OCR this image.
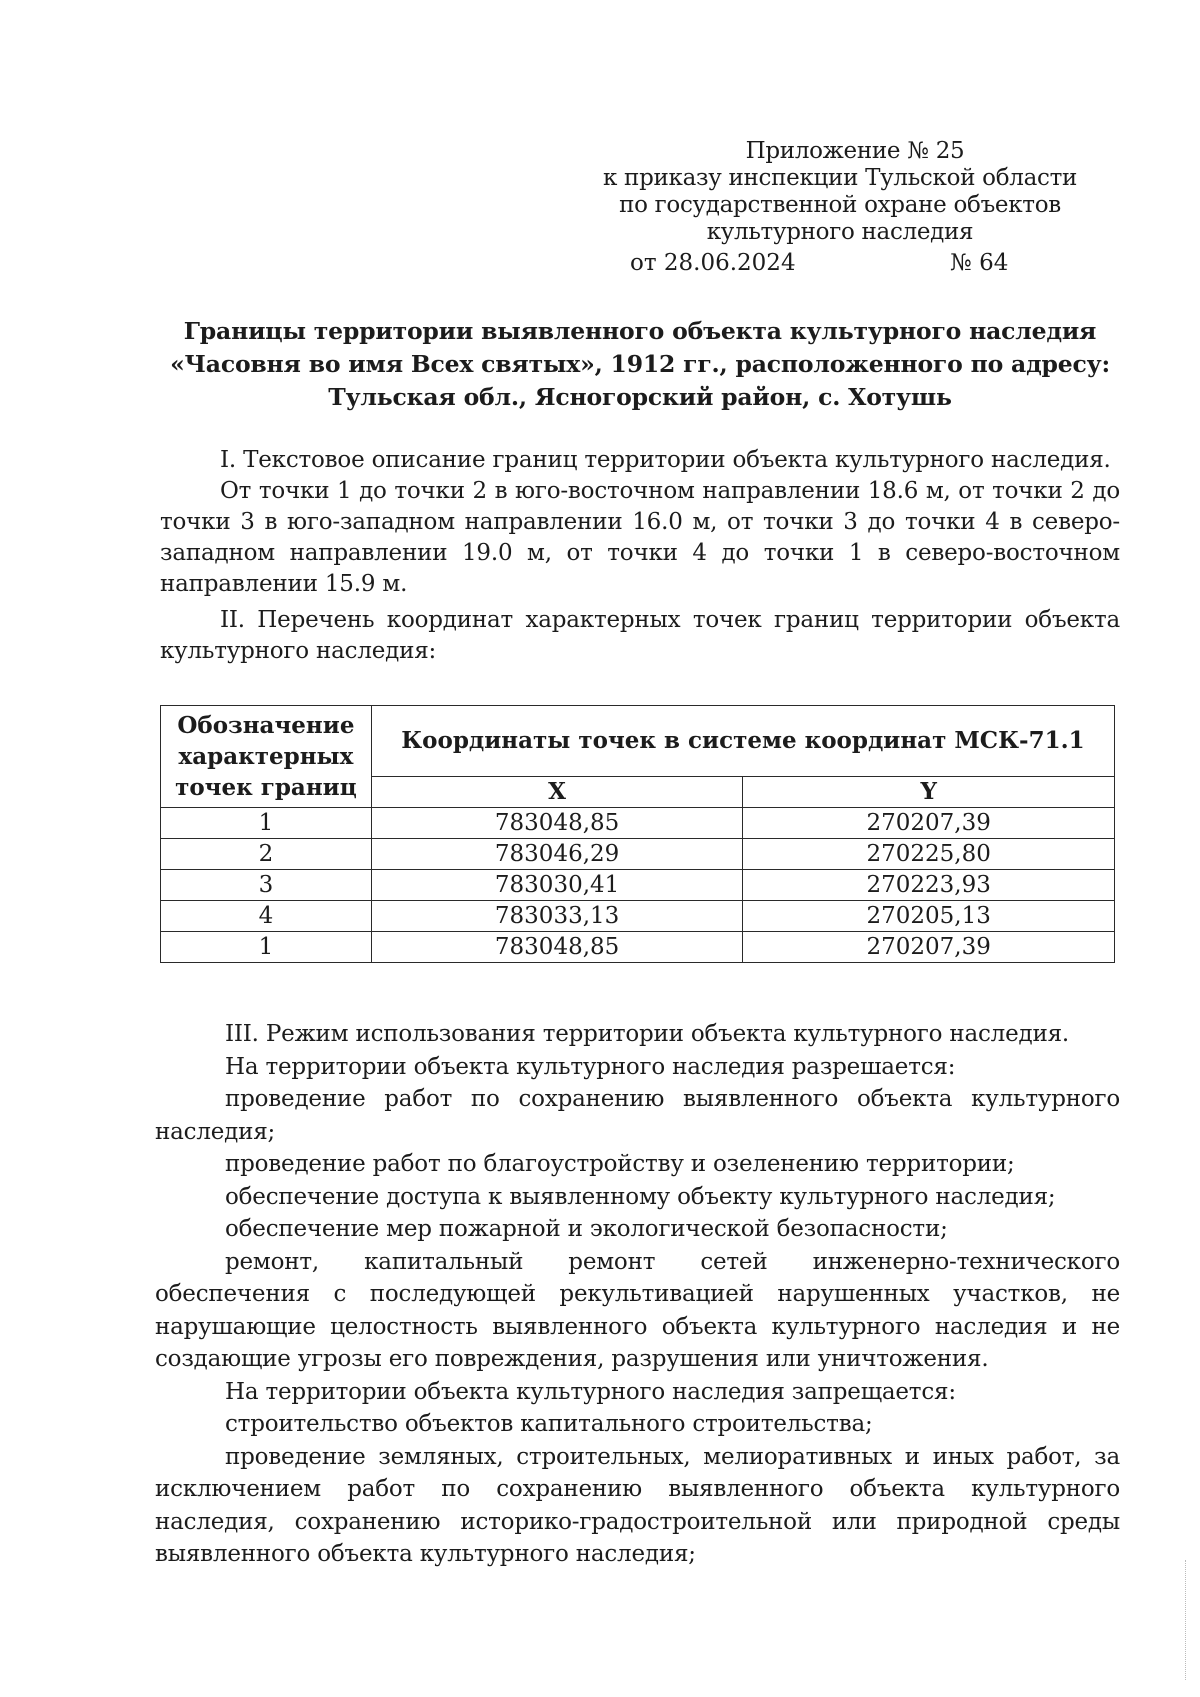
Приложение № 25
к приказу инспекции Тульской области
по государственной охране объектов
культурного наследия
от 28.06.2024	№ 64
Границы территории выявленного объекта культурного наследия
«Часовня во имя Всех святых», 1912 гг., расположенного по адресу:
Тульская обл., Ясногорский район, с. Хотушь

I. Текстовое описание границ территории объекта культурного наследия.

От точки 1 до точки 2 в юго-восточном направлении 18.6 м, от точки 2 до точки 3 в юго-западном направлении 16.0 м, от точки 3 до точки 4 в северо-западном направлении 19.0 м, от точки 4 до точки 1 в северо-восточном направлении 15.9 м.

II. Перечень координат характерных точек границ территории объекта культурного наследия:

Обозначение характерных точек границ	Координаты точек в системе координат МСК-71.1	
	X	Y
1	783048,85	270207,39
2	783046,29	270225,80
3	783030,41	270223,93
4	783033,13	270205,13
1	783048,85	270207,39

III. Режим использования территории объекта культурного наследия.

На территории объекта культурного наследия разрешается:

проведение работ по сохранению выявленного объекта культурного наследия;

проведение работ по благоустройству и озеленению территории;

обеспечение доступа к выявленному объекту культурного наследия;

обеспечение мер пожарной и экологической безопасности;

ремонт, капитальный ремонт сетей инженерно-технического обеспечения с последующей рекультивацией нарушенных участков, не нарушающие целостность выявленного объекта культурного наследия и не создающие угрозы его повреждения, разрушения или уничтожения.

На территории объекта культурного наследия запрещается:

строительство объектов капитального строительства;

проведение земляных, строительных, мелиоративных и иных работ, за исключением работ по сохранению выявленного объекта культурного наследия, сохранению историко-градостроительной или природной среды выявленного объекта культурного наследия;
